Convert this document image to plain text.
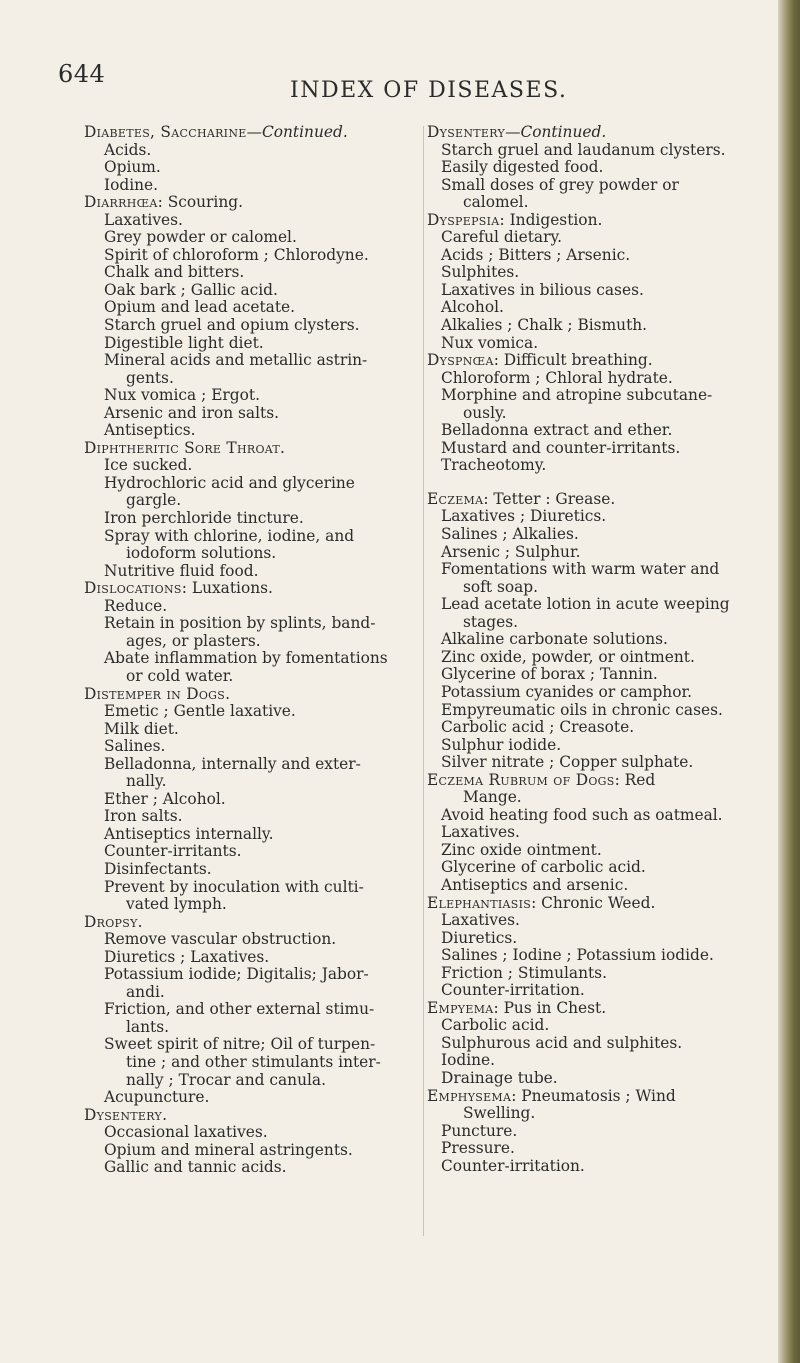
644
INDEX OF DISEASES.
Diabetes, Saccharine—Continued.
Acids.
Opium.
Iodine.
Diarrhœa: Scouring.
Laxatives.
Grey powder or calomel.
Spirit of chloroform ; Chlorodyne.
Chalk and bitters.
Oak bark ; Gallic acid.
Opium and lead acetate.
Starch gruel and opium clysters.
Digestible light diet.
Mineral acids and metallic astrin-
gents.
Nux vomica ; Ergot.
Arsenic and iron salts.
Antiseptics.
Diphtheritic Sore Throat.
Ice sucked.
Hydrochloric acid and glycerine
gargle.
Iron perchloride tincture.
Spray with chlorine, iodine, and
iodoform solutions.
Nutritive fluid food.
Dislocations: Luxations.
Reduce.
Retain in position by splints, band-
ages, or plasters.
Abate inflammation by fomentations
or cold water.
Distemper in Dogs.
Emetic ; Gentle laxative.
Milk diet.
Salines.
Belladonna, internally and exter-
nally.
Ether ; Alcohol.
Iron salts.
Antiseptics internally.
Counter-irritants.
Disinfectants.
Prevent by inoculation with culti-
vated lymph.
Dropsy.
Remove vascular obstruction.
Diuretics ; Laxatives.
Potassium iodide; Digitalis; Jabor-
andi.
Friction, and other external stimu-
lants.
Sweet spirit of nitre; Oil of turpen-
tine ; and other stimulants inter-
nally ; Trocar and canula.
Acupuncture.
Dysentery.
Occasional laxatives.
Opium and mineral astringents.
Gallic and tannic acids.
Dysentery—Continued.
Starch gruel and laudanum clysters.
Easily digested food.
Small doses of grey powder or
calomel.
Dyspepsia: Indigestion.
Careful dietary.
Acids ; Bitters ; Arsenic.
Sulphites.
Laxatives in bilious cases.
Alcohol.
Alkalies ; Chalk ; Bismuth.
Nux vomica.
Dyspnœa: Difficult breathing.
Chloroform ; Chloral hydrate.
Morphine and atropine subcutane-
ously.
Belladonna extract and ether.
Mustard and counter-irritants.
Tracheotomy.
Eczema: Tetter : Grease.
Laxatives ; Diuretics.
Salines ; Alkalies.
Arsenic ; Sulphur.
Fomentations with warm water and
soft soap.
Lead acetate lotion in acute weeping
stages.
Alkaline carbonate solutions.
Zinc oxide, powder, or ointment.
Glycerine of borax ; Tannin.
Potassium cyanides or camphor.
Empyreumatic oils in chronic cases.
Carbolic acid ; Creasote.
Sulphur iodide.
Silver nitrate ; Copper sulphate.
Eczema Rubrum of Dogs: Red
Mange.
Avoid heating food such as oatmeal.
Laxatives.
Zinc oxide ointment.
Glycerine of carbolic acid.
Antiseptics and arsenic.
Elephantiasis: Chronic Weed.
Laxatives.
Diuretics.
Salines ; Iodine ; Potassium iodide.
Friction ; Stimulants.
Counter-irritation.
Empyema: Pus in Chest.
Carbolic acid.
Sulphurous acid and sulphites.
Iodine.
Drainage tube.
Emphysema: Pneumatosis ; Wind
Swelling.
Puncture.
Pressure.
Counter-irritation.
